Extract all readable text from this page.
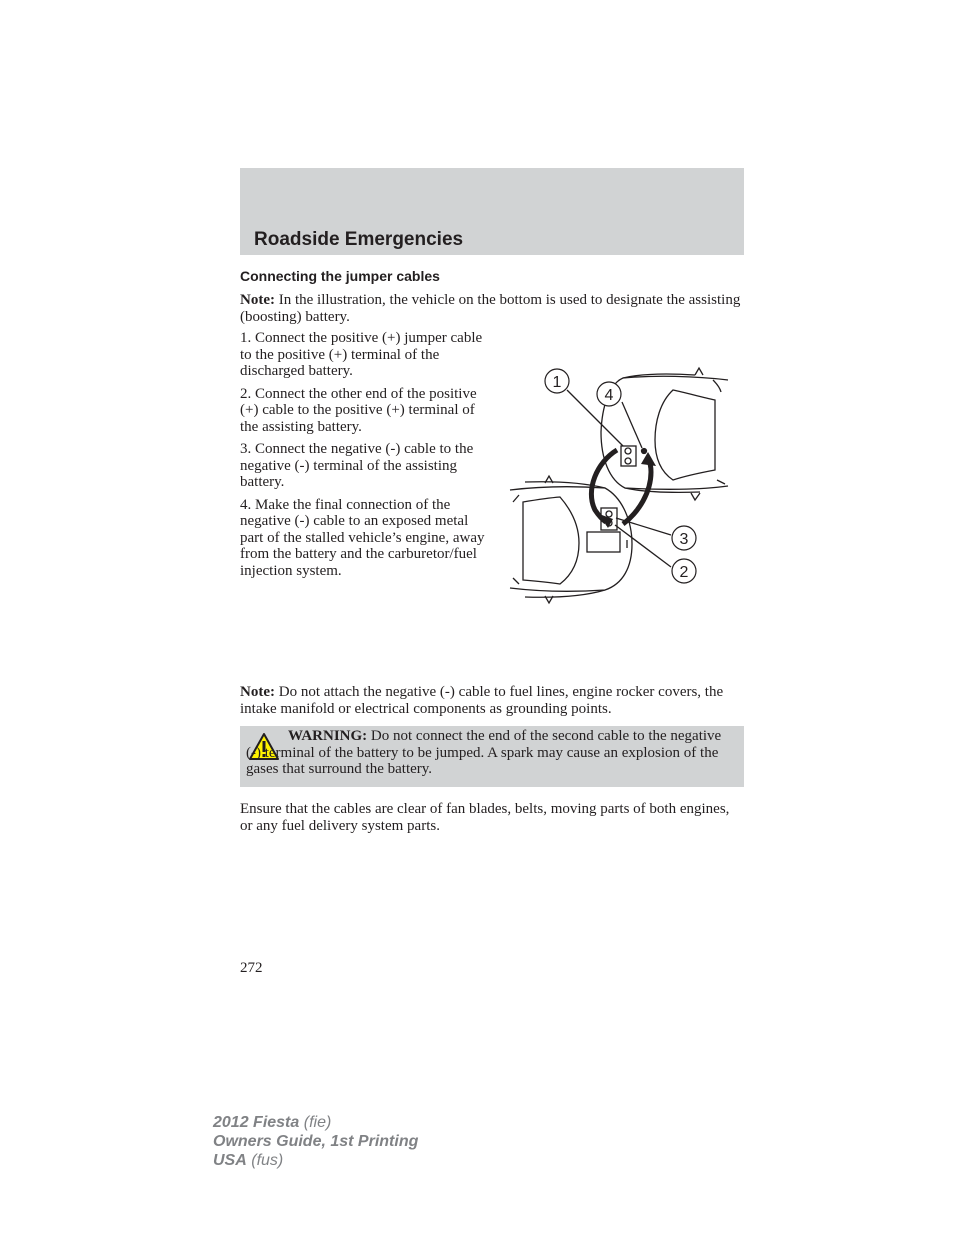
Roadside Emergencies
Connecting the jumper cables

Note: In the illustration, the vehicle on the bottom is used to designate the assisting (boosting) battery.

1. Connect the positive (+) jumper cable to the positive (+) terminal of the discharged battery.

2. Connect the other end of the positive (+) cable to the positive (+) terminal of the assisting battery.

3. Connect the negative (-) cable to the negative (-) terminal of the assisting battery.

4. Make the final connection of the negative (-) cable to an exposed metal part of the stalled vehicle’s engine, away from the battery and the carburetor/fuel injection system.

1
4
3
2

Note: Do not attach the negative (-) cable to fuel lines, engine rocker covers, the intake manifold or electrical components as grounding points.

WARNING: Do not connect the end of the second cable to the negative (-) terminal of the battery to be jumped. A spark may cause an explosion of the gases that surround the battery.

Ensure that the cables are clear of fan blades, belts, moving parts of both engines, or any fuel delivery system parts.

272

2012 Fiesta (fie)
Owners Guide, 1st Printing
USA (fus)
